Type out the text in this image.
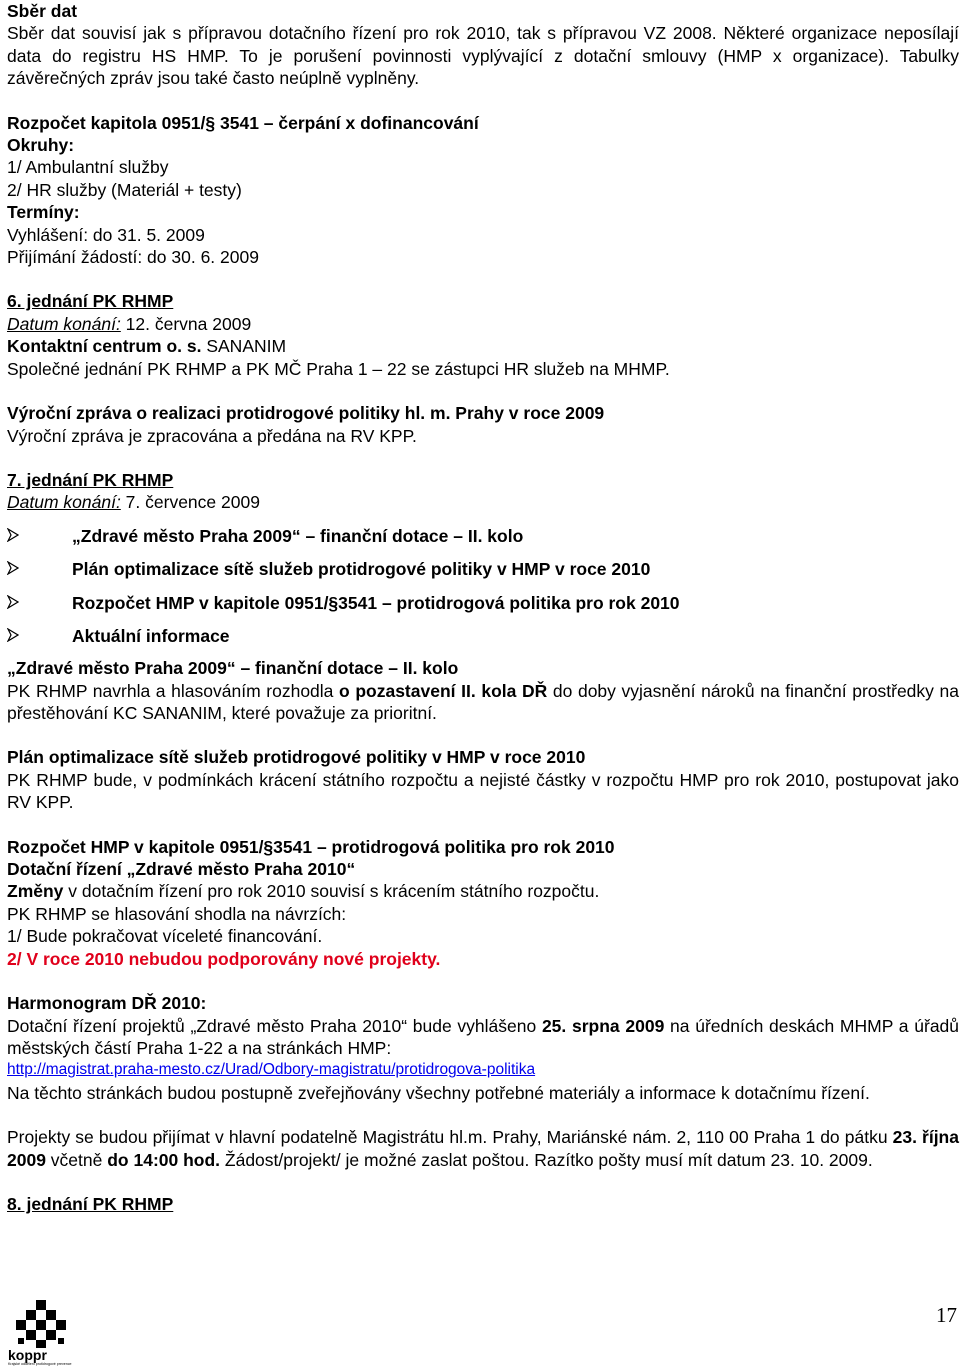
Sběr dat

Sběr dat souvisí jak s přípravou dotačního řízení pro rok 2010, tak s přípravou VZ 2008. Některé organizace neposílají data do registru HS HMP. To je porušení povinnosti vyplývající z dotační smlouvy (HMP x organizace). Tabulky závěrečných zpráv jsou také často neúplně vyplněny.

Rozpočet kapitola 0951/§ 3541 – čerpání x dofinancování

Okruhy:

1/ Ambulantní služby

2/ HR služby (Materiál + testy)

Termíny:

Vyhlášení: do 31. 5. 2009

Přijímání žádostí: do 30. 6. 2009

6. jednání PK RHMP

Datum konání: 12. června 2009

Kontaktní centrum o. s. SANANIM

Společné jednání PK RHMP a PK MČ Praha 1 – 22 se zástupci HR služeb na MHMP.

Výroční zpráva o realizaci protidrogové politiky hl. m. Prahy v roce 2009

Výroční zpráva je zpracována a předána na RV KPP.

7. jednání PK RHMP

Datum konání: 7. července 2009

„Zdravé město Praha 2009“ – finanční dotace – II. kolo
Plán optimalizace sítě služeb protidrogové politiky v HMP v roce 2010
Rozpočet HMP v kapitole 0951/§3541 – protidrogová politika pro rok 2010
Aktuální informace

„Zdravé město Praha 2009“ – finanční dotace – II. kolo

PK RHMP navrhla a hlasováním rozhodla o pozastavení II. kola DŘ do doby vyjasnění nároků na finanční prostředky na přestěhování KC SANANIM, které považuje za prioritní.

Plán optimalizace sítě služeb protidrogové politiky v HMP v roce 2010

PK RHMP bude, v podmínkách krácení státního rozpočtu a nejisté částky v rozpočtu HMP pro rok 2010, postupovat jako RV KPP.

Rozpočet HMP v kapitole 0951/§3541 – protidrogová politika pro rok 2010

Dotační řízení „Zdravé město Praha 2010“

Změny v dotačním řízení pro rok 2010 souvisí s krácením státního rozpočtu.

PK RHMP se hlasování shodla na návrzích:

1/ Bude pokračovat víceleté financování.

2/ V roce 2010 nebudou podporovány nové projekty.

Harmonogram DŘ 2010:

Dotační řízení projektů „Zdravé město Praha 2010“ bude vyhlášeno 25. srpna 2009 na úředních deskách MHMP a úřadů městských částí Praha 1-22 a na stránkách HMP:

http://magistrat.praha-mesto.cz/Urad/Odbory-magistratu/protidrogova-politika

Na těchto stránkách budou postupně zveřejňovány všechny potřebné materiály a informace k dotačnímu řízení.

Projekty se budou přijímat v hlavní podatelně Magistrátu hl.m. Prahy, Mariánské nám. 2, 110 00 Praha 1 do pátku 23. října 2009 včetně do 14:00 hod. Žádost/projekt/ je možné zaslat poštou. Razítko pošty musí mít datum 23. 10. 2009.

8. jednání PK RHMP

koppr
Krajské oddělení protidrogové prevence
17
